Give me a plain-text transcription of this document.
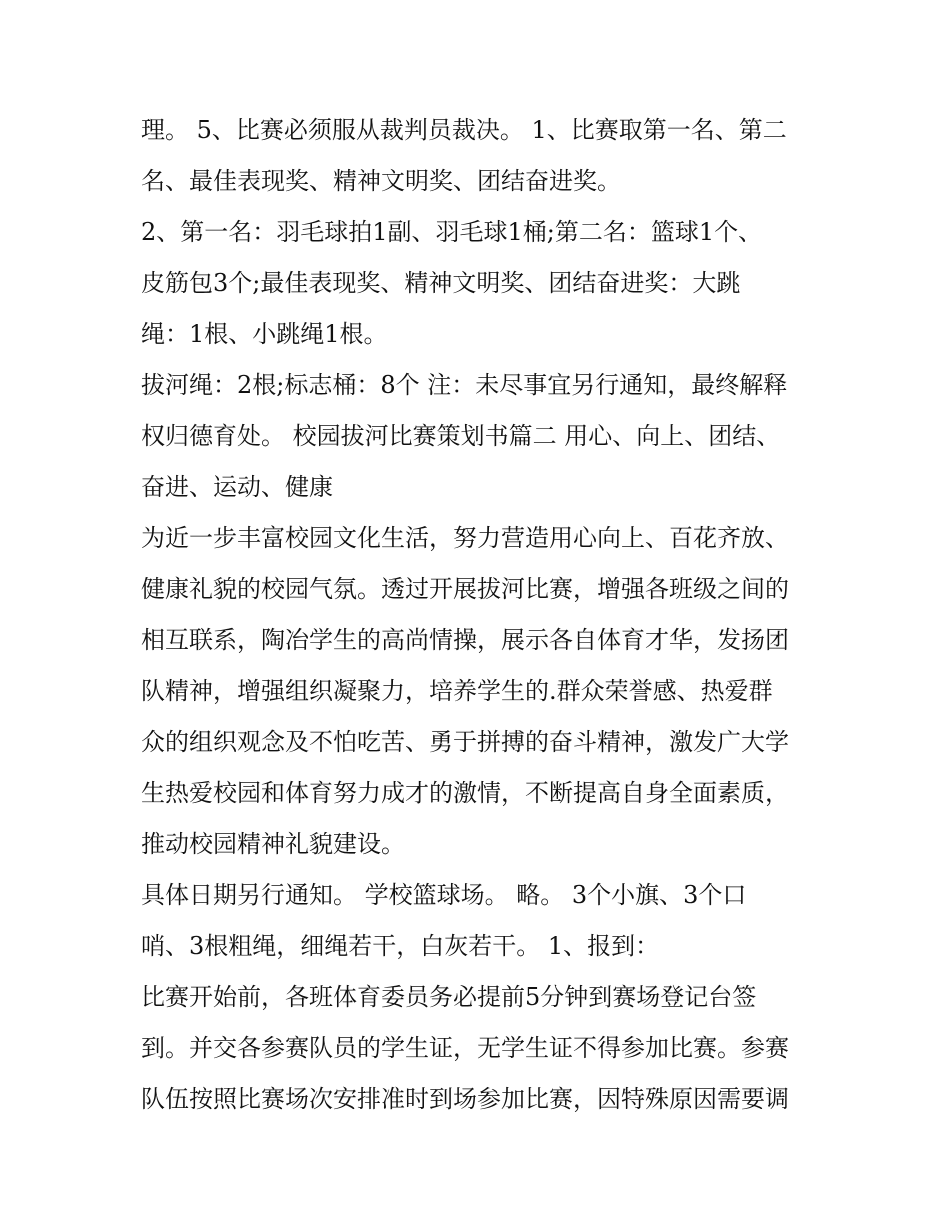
理。 5、比赛必须服从裁判员裁决。 1、比赛取第一名、第二
名、最佳表现奖、精神文明奖、团结奋进奖。
2、第一名：羽毛球拍1副、羽毛球1桶;第二名：篮球1个、
皮筋包3个;最佳表现奖、精神文明奖、团结奋进奖：大跳
绳：1根、小跳绳1根。
拔河绳：2根;标志桶：8个 注：未尽事宜另行通知，最终解释
权归德育处。 校园拔河比赛策划书篇二 用心、向上、团结、
奋进、运动、健康
为近一步丰富校园文化生活，努力营造用心向上、百花齐放、
健康礼貌的校园气氛。透过开展拔河比赛，增强各班级之间的
相互联系，陶冶学生的高尚情操，展示各自体育才华，发扬团
队精神，增强组织凝聚力，培养学生的.群众荣誉感、热爱群
众的组织观念及不怕吃苦、勇于拼搏的奋斗精神，激发广大学
生热爱校园和体育努力成才的激情，不断提高自身全面素质，
推动校园精神礼貌建设。
具体日期另行通知。 学校篮球场。 略。 3个小旗、3个口
哨、3根粗绳，细绳若干，白灰若干。 1、报到：
比赛开始前，各班体育委员务必提前5分钟到赛场登记台签
到。并交各参赛队员的学生证，无学生证不得参加比赛。参赛
队伍按照比赛场次安排准时到场参加比赛，因特殊原因需要调
